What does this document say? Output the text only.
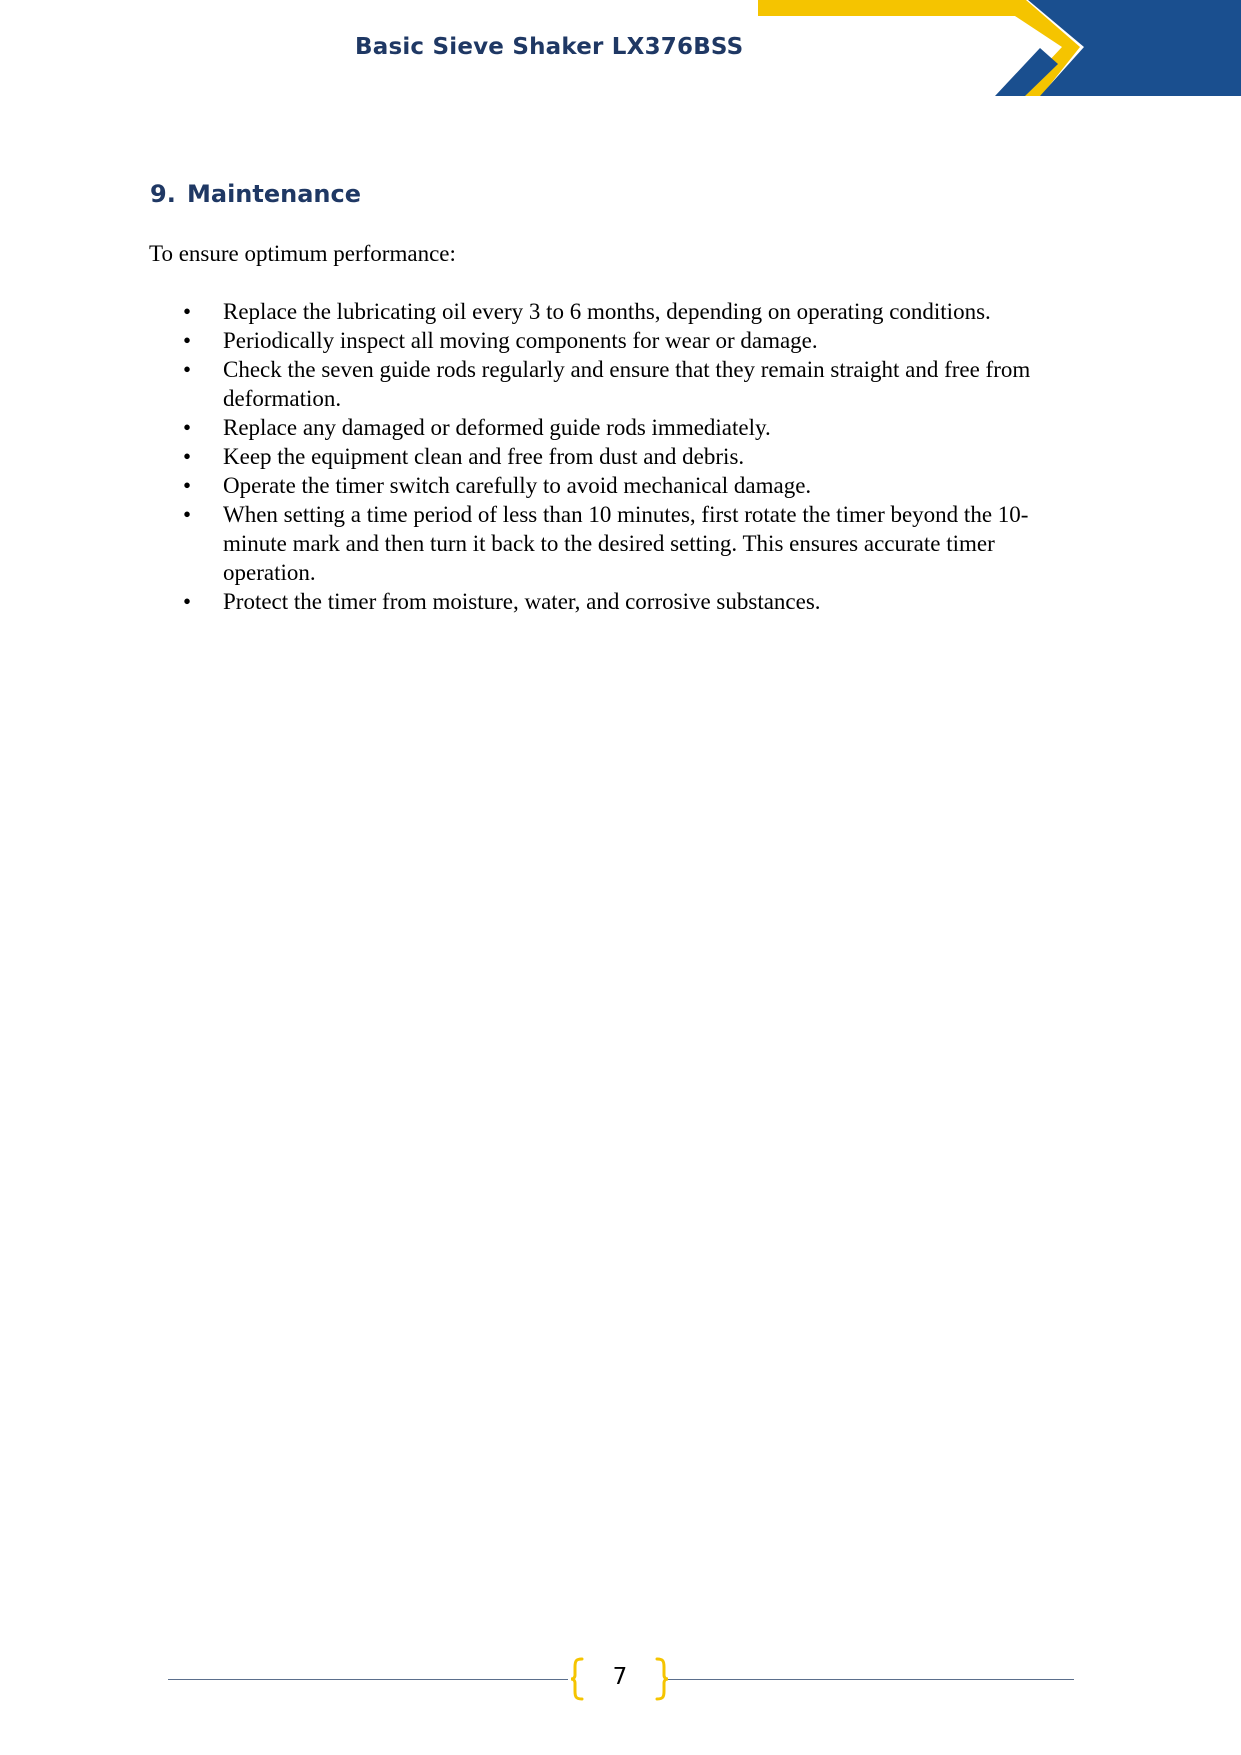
Basic Sieve Shaker LX376BSS
9. Maintenance
To ensure optimum performance:
• Replace the lubricating oil every 3 to 6 months, depending on operating conditions.
• Periodically inspect all moving components for wear or damage.
• Check the seven guide rods regularly and ensure that they remain straight and free from deformation.
• Replace any damaged or deformed guide rods immediately.
• Keep the equipment clean and free from dust and debris.
• Operate the timer switch carefully to avoid mechanical damage.
• When setting a time period of less than 10 minutes, first rotate the timer beyond the 10-minute mark and then turn it back to the desired setting. This ensures accurate timer operation.
• Protect the timer from moisture, water, and corrosive substances.
7
